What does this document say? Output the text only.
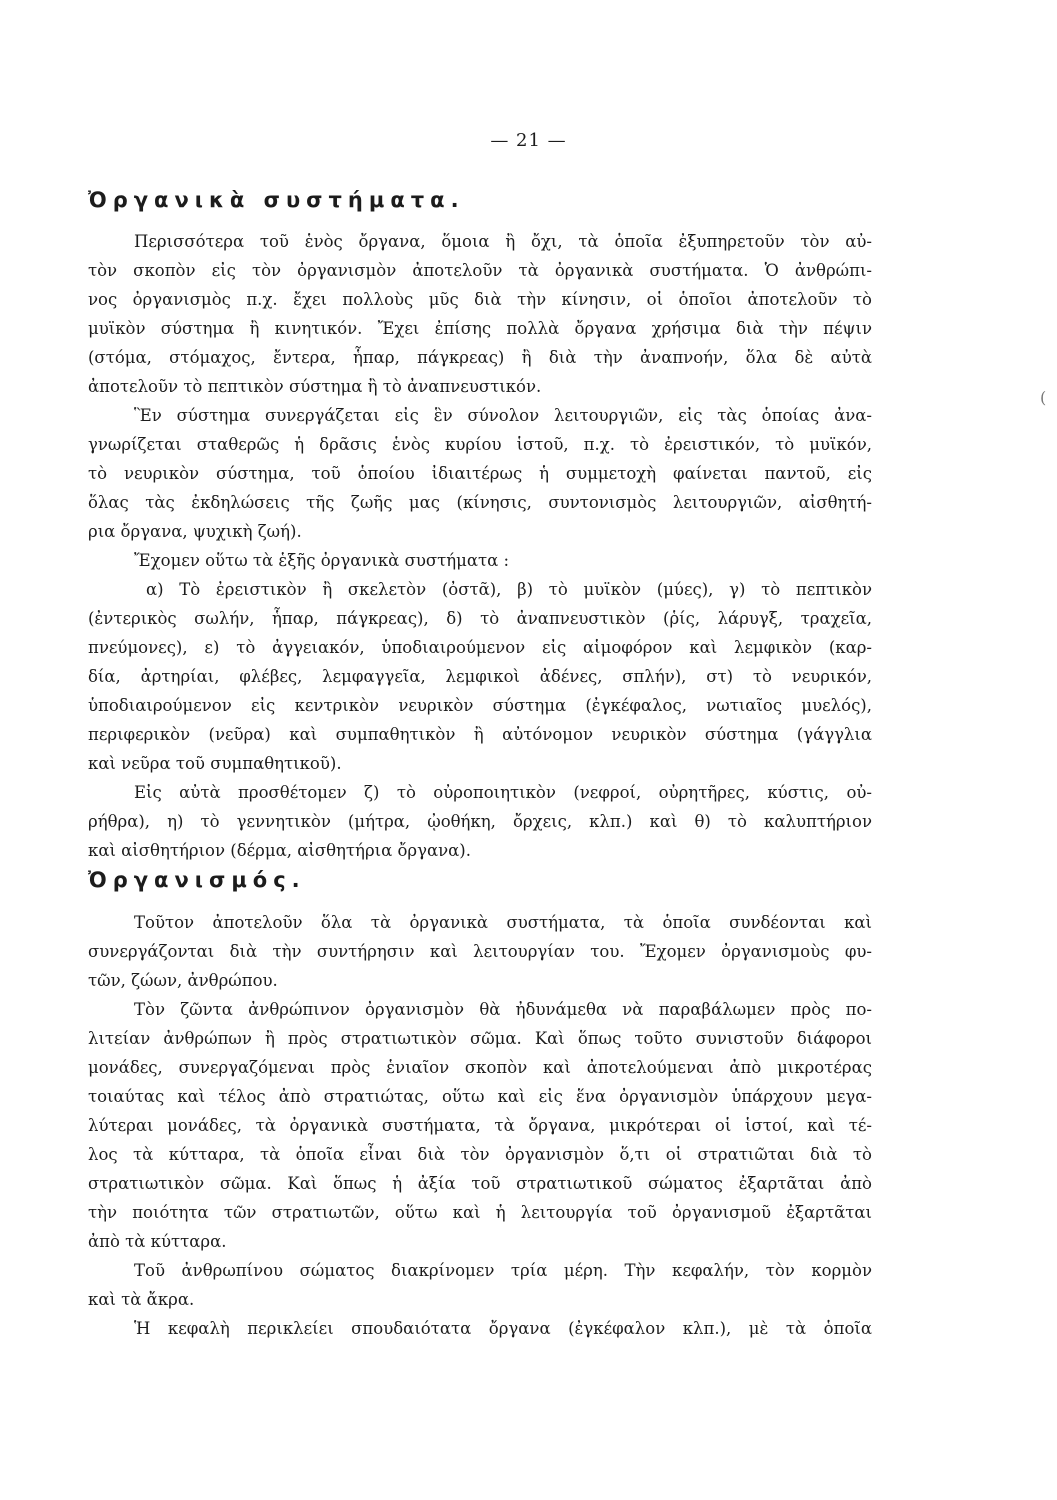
— 21 —
Ὀργανικὰ συστήματα.
Περισσότερα τοῦ ἑνὸς ὄργανα, ὅμοια ἢ ὄχι, τὰ ὁποῖα ἐξυπηρετοῦν τὸν αὐ-
τὸν σκοπὸν εἰς τὸν ὀργανισμὸν ἀποτελοῦν τὰ ὀργανικὰ συστήματα. Ὁ ἀνθρώπι-
νος ὀργανισμὸς π.χ. ἔχει πολλοὺς μῦς διὰ τὴν κίνησιν, οἱ ὁποῖοι ἀποτελοῦν τὸ
μυϊκὸν σύστημα ἢ κινητικόν. Ἔχει ἐπίσης πολλὰ ὄργανα χρήσιμα διὰ τὴν πέψιν
(στόμα, στόμαχος, ἔντερα, ἧπαρ, πάγκρεας) ἢ διὰ τὴν ἀναπνοήν, ὅλα δὲ αὐτὰ
ἀποτελοῦν τὸ πεπτικὸν σύστημα ἢ τὸ ἀναπνευστικόν.
Ἓν σύστημα συνεργάζεται εἰς ἓν σύνολον λειτουργιῶν, εἰς τὰς ὁποίας ἀνα-
γνωρίζεται σταθερῶς ἡ δρᾶσις ἑνὸς κυρίου ἱστοῦ, π.χ. τὸ ἐρειστικόν, τὸ μυϊκόν,
τὸ νευρικὸν σύστημα, τοῦ ὁποίου ἰδιαιτέρως ἡ συμμετοχὴ φαίνεται παντοῦ, εἰς
ὅλας τὰς ἐκδηλώσεις τῆς ζωῆς μας (κίνησις, συντονισμὸς λειτουργιῶν, αἰσθητή-
ρια ὄργανα, ψυχικὴ ζωή).
Ἔχομεν οὕτω τὰ ἑξῆς ὀργανικὰ συστήματα :
α) Τὸ ἐρειστικὸν ἢ σκελετὸν (ὀστᾶ), β) τὸ μυϊκὸν (μύες), γ) τὸ πεπτικὸν
(ἐντερικὸς σωλήν, ἧπαρ, πάγκρεας), δ) τὸ ἀναπνευστικὸν (ῥίς, λάρυγξ, τραχεῖα,
πνεύμονες), ε) τὸ ἀγγειακόν, ὑποδιαιρούμενον εἰς αἱμοφόρον καὶ λεμφικὸν (καρ-
δία, ἀρτηρίαι, φλέβες, λεμφαγγεῖα, λεμφικοὶ ἀδένες, σπλήν), στ) τὸ νευρικόν,
ὑποδιαιρούμενον εἰς κεντρικὸν νευρικὸν σύστημα (ἐγκέφαλος, νωτιαῖος μυελός),
περιφερικὸν (νεῦρα) καὶ συμπαθητικὸν ἢ αὐτόνομον νευρικὸν σύστημα (γάγγλια
καὶ νεῦρα τοῦ συμπαθητικοῦ).
Εἰς αὐτὰ προσθέτομεν ζ) τὸ οὐροποιητικὸν (νεφροί, οὐρητῆρες, κύστις, οὐ-
ρήθρα), η) τὸ γεννητικὸν (μήτρα, ᾠοθήκη, ὄρχεις, κλπ.) καὶ θ) τὸ καλυπτήριον
καὶ αἰσθητήριον (δέρμα, αἰσθητήρια ὄργανα).
Ὀργανισμός.
Τοῦτον ἀποτελοῦν ὅλα τὰ ὀργανικὰ συστήματα, τὰ ὁποῖα συνδέονται καὶ
συνεργάζονται διὰ τὴν συντήρησιν καὶ λειτουργίαν του. Ἔχομεν ὀργανισμοὺς φυ-
τῶν, ζώων, ἀνθρώπου.
Τὸν ζῶντα ἀνθρώπινον ὀργανισμὸν θὰ ἠδυνάμεθα νὰ παραβάλωμεν πρὸς πο-
λιτείαν ἀνθρώπων ἢ πρὸς στρατιωτικὸν σῶμα. Καὶ ὅπως τοῦτο συνιστοῦν διάφοροι
μονάδες, συνεργαζόμεναι πρὸς ἑνιαῖον σκοπὸν καὶ ἀποτελούμεναι ἀπὸ μικροτέρας
τοιαύτας καὶ τέλος ἀπὸ στρατιώτας, οὕτω καὶ εἰς ἕνα ὀργανισμὸν ὑπάρχουν μεγα-
λύτεραι μονάδες, τὰ ὀργανικὰ συστήματα, τὰ ὄργανα, μικρότεραι οἱ ἱστοί, καὶ τέ-
λος τὰ κύτταρα, τὰ ὁποῖα εἶναι διὰ τὸν ὀργανισμὸν ὅ,τι οἱ στρατιῶται διὰ τὸ
στρατιωτικὸν σῶμα. Καὶ ὅπως ἡ ἀξία τοῦ στρατιωτικοῦ σώματος ἐξαρτᾶται ἀπὸ
τὴν ποιότητα τῶν στρατιωτῶν, οὕτω καὶ ἡ λειτουργία τοῦ ὀργανισμοῦ ἐξαρτᾶται
ἀπὸ τὰ κύτταρα.
Τοῦ ἀνθρωπίνου σώματος διακρίνομεν τρία μέρη. Τὴν κεφαλήν, τὸν κορμὸν
καὶ τὰ ἄκρα.
Ἡ κεφαλὴ περικλείει σπουδαιότατα ὄργανα (ἐγκέφαλον κλπ.), μὲ τὰ ὁποῖα
(
